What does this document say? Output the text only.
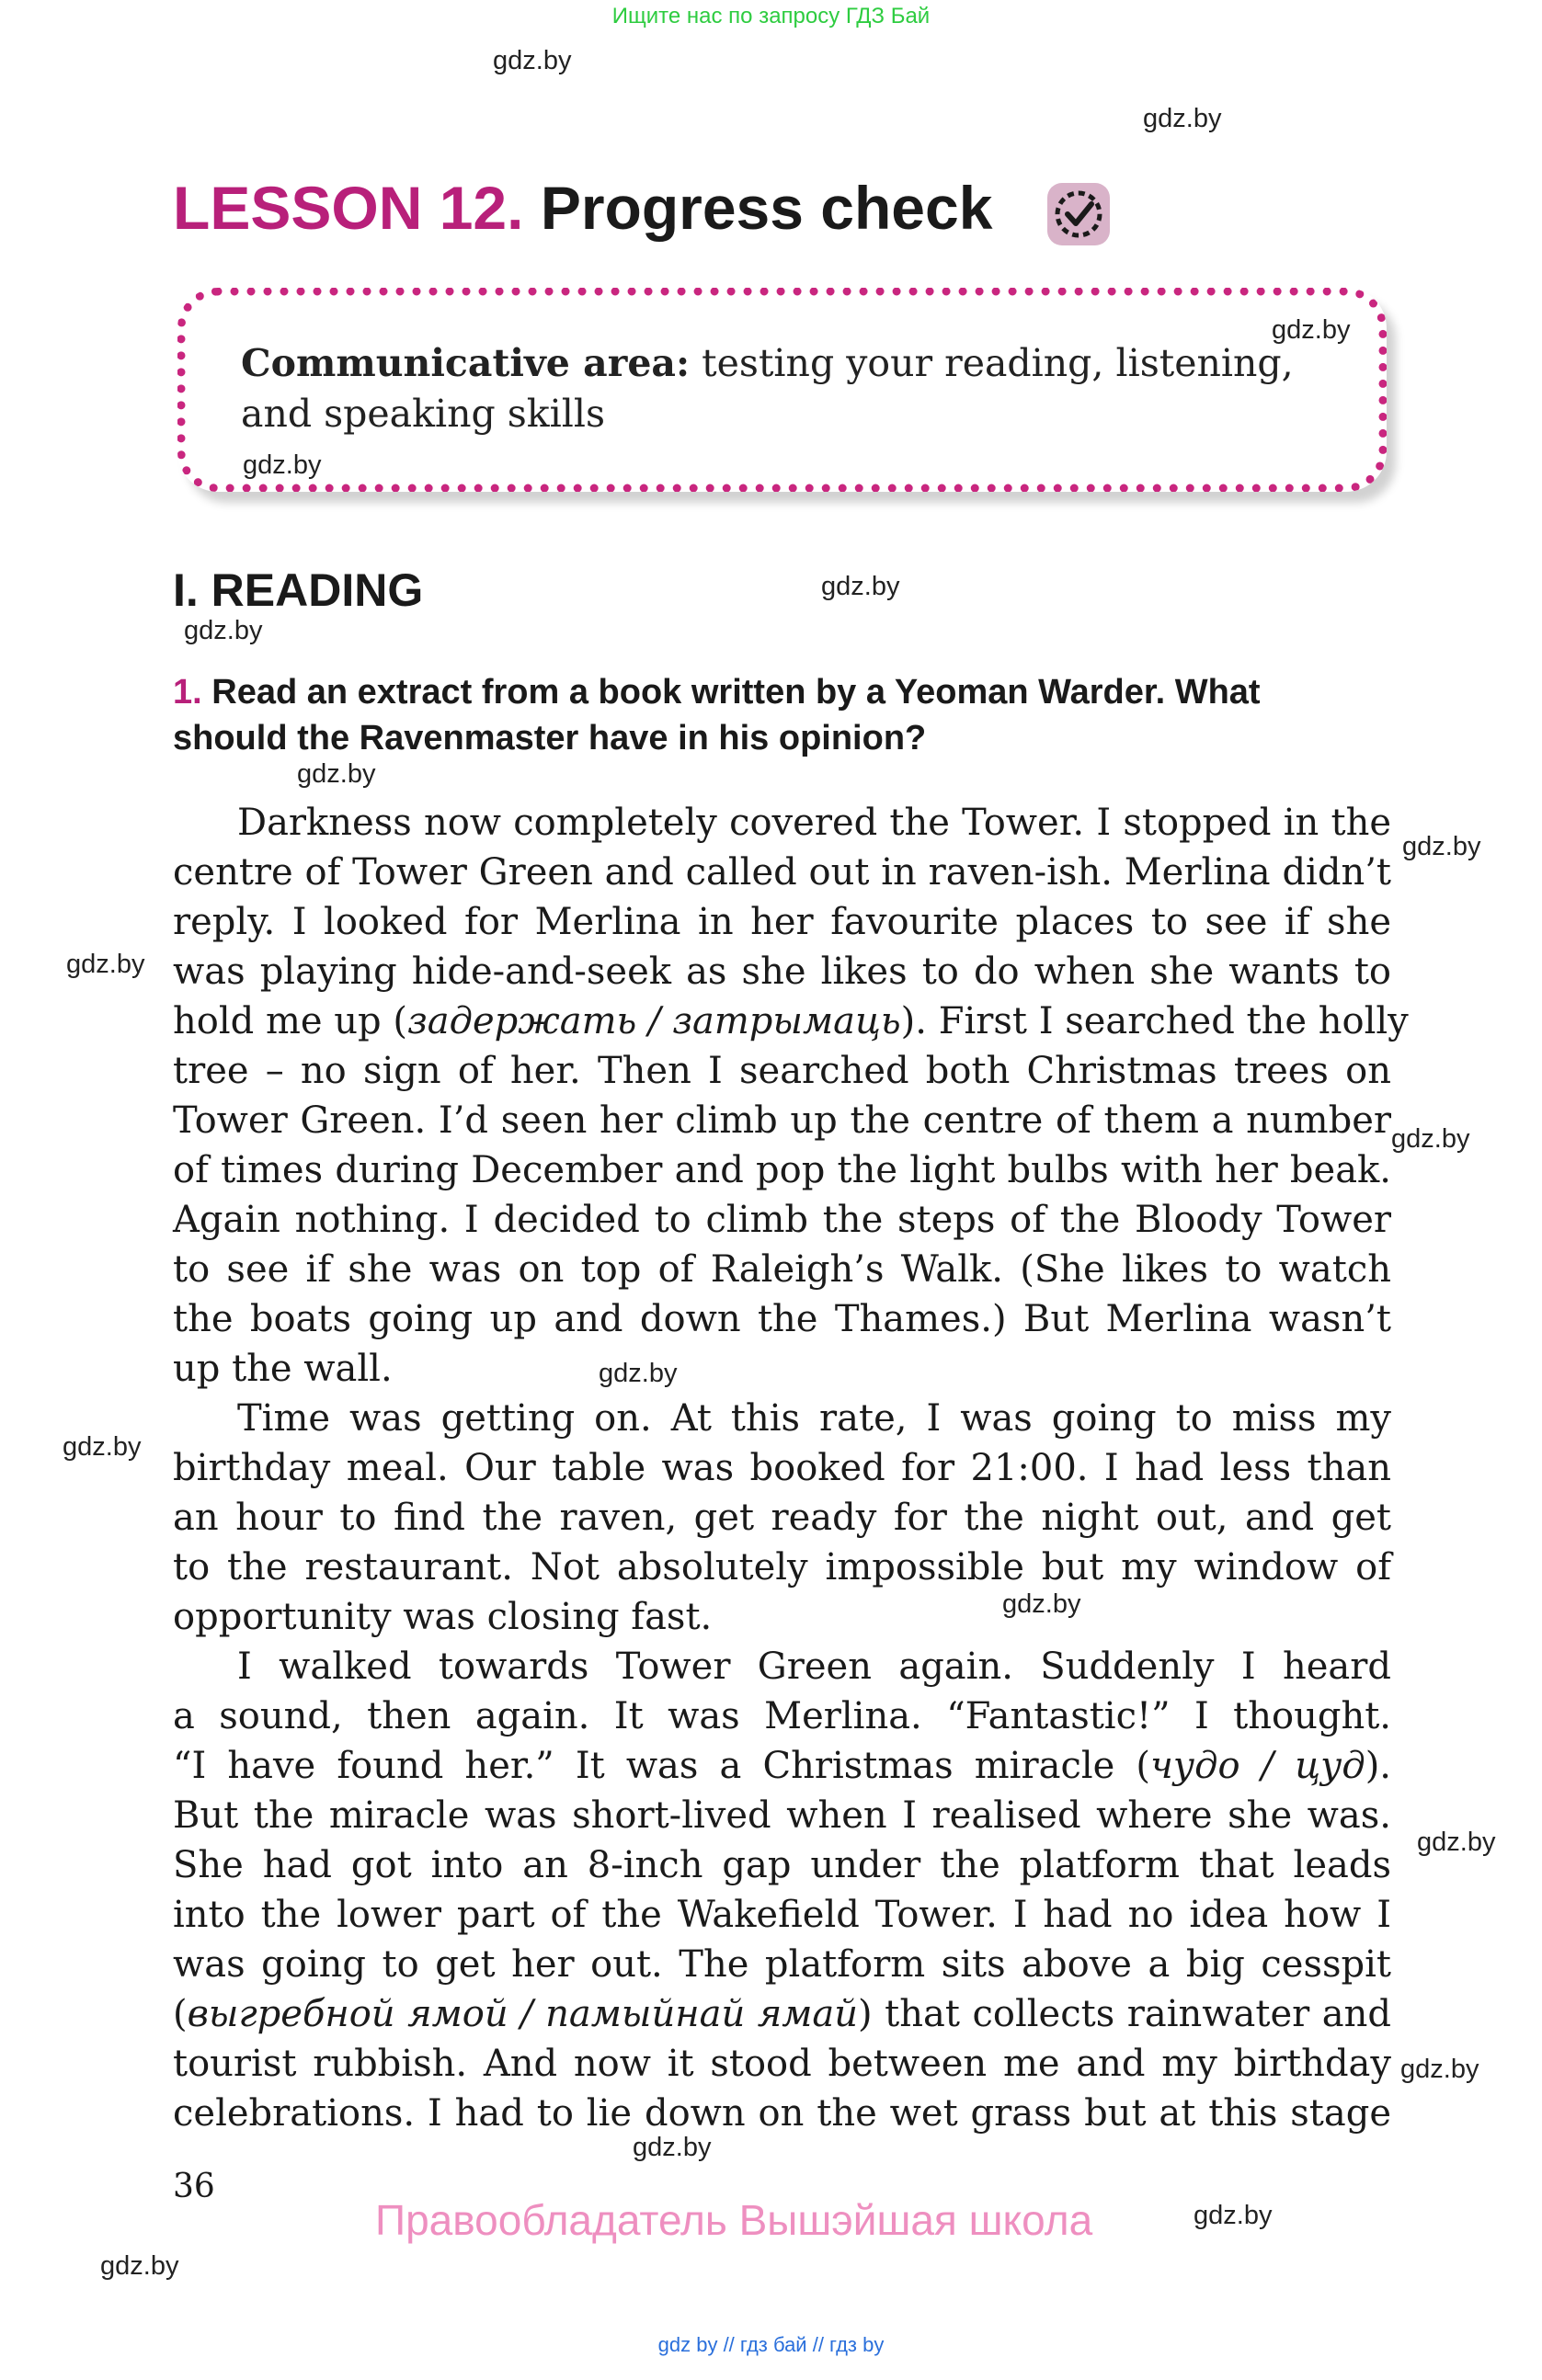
Ищите нас по запросу ГДЗ Бай
gdz.by
gdz.by
gdz.by
gdz.by
gdz.by
gdz.by
gdz.by
gdz.by
gdz.by
gdz.by
gdz.by
gdz.by
gdz.by
gdz.by
gdz.by
gdz.by
gdz.by
gdz.by
LESSON 12. Progress check
Communicative area: testing your reading, listening,
and speaking skills
I. READING
1. Read an extract from a book written by a Yeoman Warder. What
should the Ravenmaster have in his opinion?
Darkness now completely covered the Tower. I stopped in the
centre of Tower Green and called out in raven-ish. Merlina didn’t
reply. I looked for Merlina in her favourite places to see if she
was playing hide-and-seek as she likes to do when she wants to
hold me up (задержать / затрымаць). First I searched the holly
tree – no sign of her. Then I searched both Christmas trees on
Tower Green. I’d seen her climb up the centre of them a number
of times during December and pop the light bulbs with her beak.
Again nothing. I decided to climb the steps of the Bloody Tower
to see if she was on top of Raleigh’s Walk. (She likes to watch
the boats going up and down the Thames.) But Merlina wasn’t
up the wall.
Time was getting on. At this rate, I was going to miss my
birthday meal. Our table was booked for 21:00. I had less than
an hour to find the raven, get ready for the night out, and get
to the restaurant. Not absolutely impossible but my window of
opportunity was closing fast.
I walked towards Tower Green again. Suddenly I heard
a sound, then again. It was Merlina. “Fantastic!” I thought.
“I have found her.” It was a Christmas miracle (чудо / цуд).
But the miracle was short-lived when I realised where she was.
She had got into an 8-inch gap under the platform that leads
into the lower part of the Wakefield Tower. I had no idea how I
was going to get her out. The platform sits above a big cesspit
(выгребной ямой / памыйнай ямай) that collects rainwater and
tourist rubbish. And now it stood between me and my birthday
celebrations. I had to lie down on the wet grass but at this stage
36
Правообладатель Вышэйшая школа
gdz by // гдз бай // гдз by
